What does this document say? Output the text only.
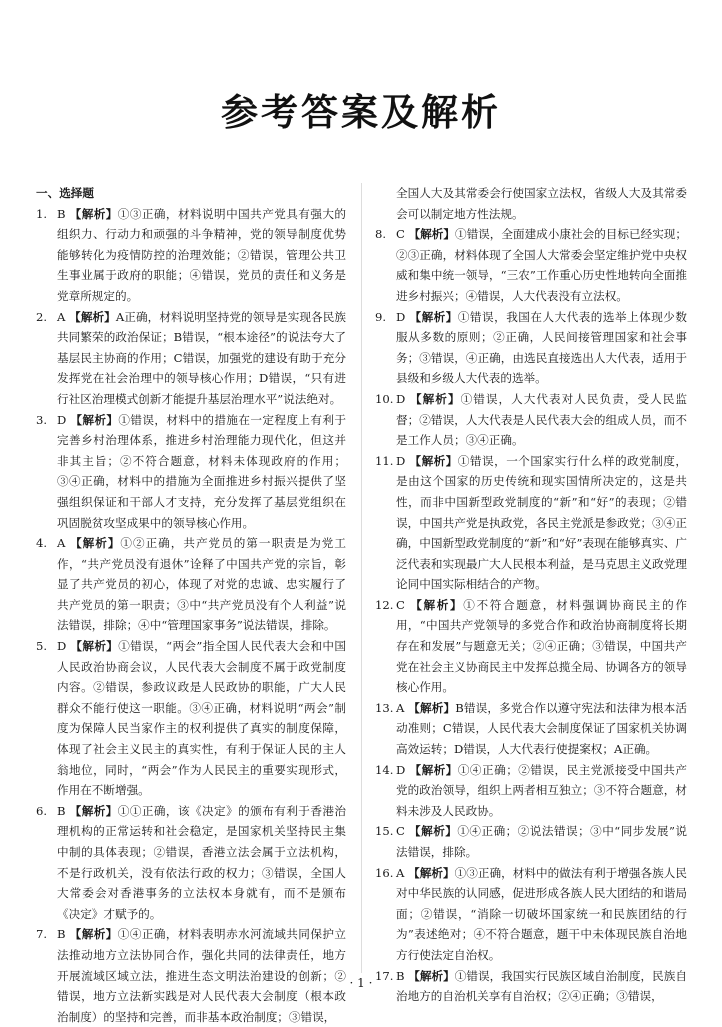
参考答案及解析
一、选择题
1. B 【解析】①③正确，材料说明中国共产党具有强大的组织力、行动力和顽强的斗争精神，党的领导制度优势能够转化为疫情防控的治理效能；②错误，管理公共卫生事业属于政府的职能；④错误，党员的责任和义务是党章所规定的。
2. A 【解析】A正确，材料说明坚持党的领导是实现各民族共同繁荣的政治保证；B错误，“根本途径”的说法夸大了基层民主协商的作用；C错误，加强党的建设有助于充分发挥党在社会治理中的领导核心作用；D错误，“只有进行社区治理模式创新才能提升基层治理水平”说法绝对。
3. D 【解析】①错误，材料中的措施在一定程度上有利于完善乡村治理体系，推进乡村治理能力现代化，但这并非其主旨；②不符合题意，材料未体现政府的作用；③④正确，材料中的措施为全面推进乡村振兴提供了坚强组织保证和干部人才支持，充分发挥了基层党组织在巩固脱贫攻坚成果中的领导核心作用。
4. A 【解析】①②正确，共产党员的第一职责是为党工作，“共产党员没有退休”诠释了中国共产党的宗旨，彰显了共产党员的初心，体现了对党的忠诚、忠实履行了共产党员的第一职责；③中“共产党员没有个人利益”说法错误，排除；④中“管理国家事务”说法错误，排除。
5. D 【解析】①错误，“两会”指全国人民代表大会和中国人民政治协商会议，人民代表大会制度不属于政党制度内容。②错误，参政议政是人民政协的职能，广大人民群众不能行使这一职能。③④正确，材料说明“两会”制度为保障人民当家作主的权利提供了真实的制度保障，体现了社会主义民主的真实性，有利于保证人民的主人翁地位，同时，“两会”作为人民民主的重要实现形式，作用在不断增强。
6. B 【解析】①①正确，该《决定》的颁布有利于香港治理机构的正常运转和社会稳定，是国家机关坚持民主集中制的具体表现；②错误，香港立法会属于立法机构，不是行政机关，没有依法行政的权力；③错误，全国人大常委会对香港事务的立法权本身就有，而不是颁布《决定》才赋予的。
7. B 【解析】①④正确，材料表明赤水河流域共同保护立法推动地方立法协同合作，强化共同的法律责任，地方开展流域区域立法，推进生态文明法治建设的创新；②错误，地方立法新实践是对人民代表大会制度（根本政治制度）的坚持和完善，而非基本政治制度；③错误，
全国人大及其常委会行使国家立法权，省级人大及其常委会可以制定地方性法规。
8. C 【解析】①错误，全面建成小康社会的目标已经实现；②③正确，材料体现了全国人大常委会坚定维护党中央权威和集中统一领导，“三农”工作重心历史性地转向全面推进乡村振兴；④错误，人大代表没有立法权。
9. D 【解析】①错误，我国在人大代表的选举上体现少数服从多数的原则；②正确，人民间接管理国家和社会事务；③错误，④正确，由选民直接选出人大代表，适用于县级和乡级人大代表的选举。
10. D 【解析】①错误，人大代表对人民负责，受人民监督；②错误，人大代表是人民代表大会的组成人员，而不是工作人员；③④正确。
11. D 【解析】①错误，一个国家实行什么样的政党制度，是由这个国家的历史传统和现实国情所决定的，这是共性，而非中国新型政党制度的“新”和“好”的表现；②错误，中国共产党是执政党，各民主党派是参政党；③④正确，中国新型政党制度的“新”和“好”表现在能够真实、广泛代表和实现最广大人民根本利益，是马克思主义政党理论同中国实际相结合的产物。
12. C 【解析】①不符合题意，材料强调协商民主的作用，“中国共产党领导的多党合作和政治协商制度将长期存在和发展”与题意无关；②④正确；③错误，中国共产党在社会主义协商民主中发挥总揽全局、协调各方的领导核心作用。
13. A 【解析】B错误，多党合作以遵守宪法和法律为根本活动准则；C错误，人民代表大会制度保证了国家机关协调高效运转；D错误，人大代表行使提案权；A正确。
14. D 【解析】①④正确；②错误，民主党派接受中国共产党的政治领导，组织上两者相互独立；③不符合题意，材料未涉及人民政协。
15. C 【解析】①④正确；②说法错误；③中“同步发展”说法错误，排除。
16. A 【解析】①③正确，材料中的做法有利于增强各族人民对中华民族的认同感，促进形成各族人民大团结的和谐局面；②错误，“消除一切破坏国家统一和民族团结的行为”表述绝对；④不符合题意，题干中未体现民族自治地方行使法定自治权。
17. B 【解析】①错误，我国实行民族区域自治制度，民族自治地方的自治机关享有自治权；②④正确；③错误，
· 1 ·
